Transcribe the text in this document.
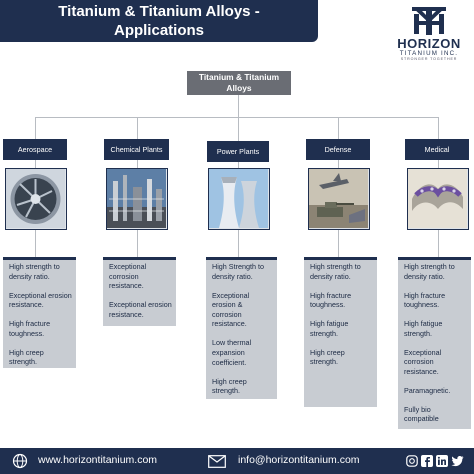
Titanium & Titanium Alloys -
Applications
HORIZON
TITANIUM INC.
STRONGER TOGETHER
Titanium & Titanium
Alloys
Aerospace
High strength to density ratio.
Exceptional erosion resistance.
High fracture toughness.
High creep strength.
Chemical Plants
Exceptional corrosion resistance.
Exceptional erosion resistance.
Power Plants
High Strength to density ratio.
Exceptional erosion & corrosion resistance.
Low thermal expansion coefficient.
High creep strength.
Defense
High strength to density ratio.
High fracture toughness.
High fatigue strength.
High creep strength.
Medical
High strength to density ratio.
High fracture toughness.
High fatigue strength.
Exceptional corrosion resistance.
Paramagnetic.
Fully bio compatible
www.horizontitanium.com	info@horizontitanium.com
